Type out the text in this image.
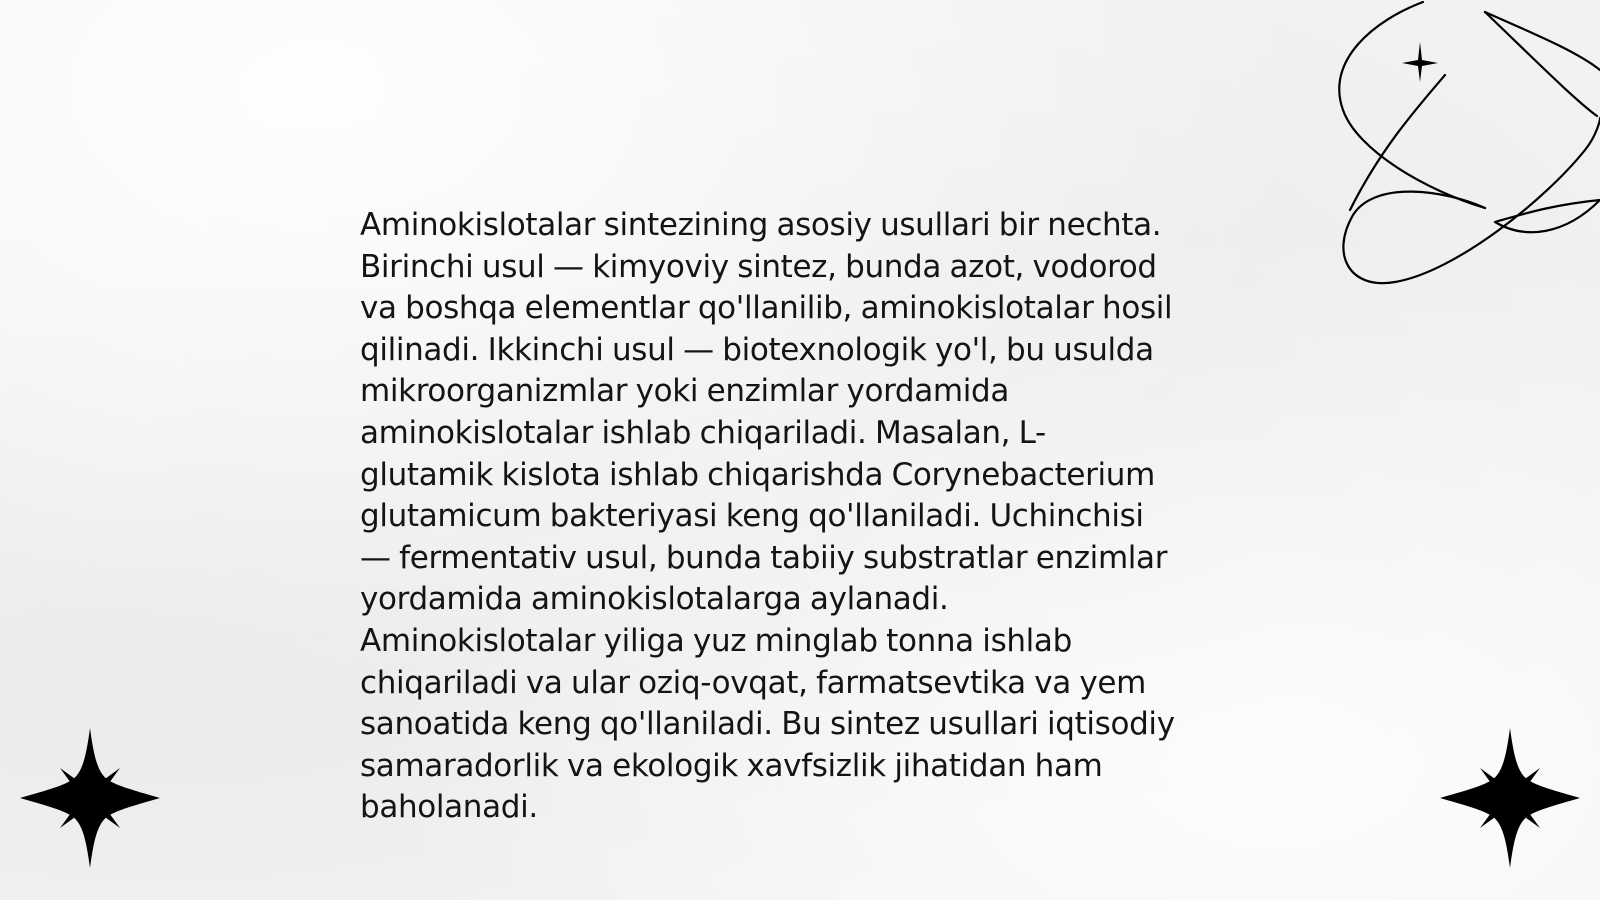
Aminokislotalar sintezining asosiy usullari bir nechta.
Birinchi usul — kimyoviy sintez, bunda azot, vodorod
va boshqa elementlar qo'llanilib, aminokislotalar hosil
qilinadi. Ikkinchi usul — biotexnologik yo'l, bu usulda
mikroorganizmlar yoki enzimlar yordamida
aminokislotalar ishlab chiqariladi. Masalan, L-
glutamik kislota ishlab chiqarishda Corynebacterium
glutamicum bakteriyasi keng qo'llaniladi. Uchinchisi
— fermentativ usul, bunda tabiiy substratlar enzimlar
yordamida aminokislotalarga aylanadi.
Aminokislotalar yiliga yuz minglab tonna ishlab
chiqariladi va ular oziq-ovqat, farmatsevtika va yem
sanoatida keng qo'llaniladi. Bu sintez usullari iqtisodiy
samaradorlik va ekologik xavfsizlik jihatidan ham
baholanadi.
